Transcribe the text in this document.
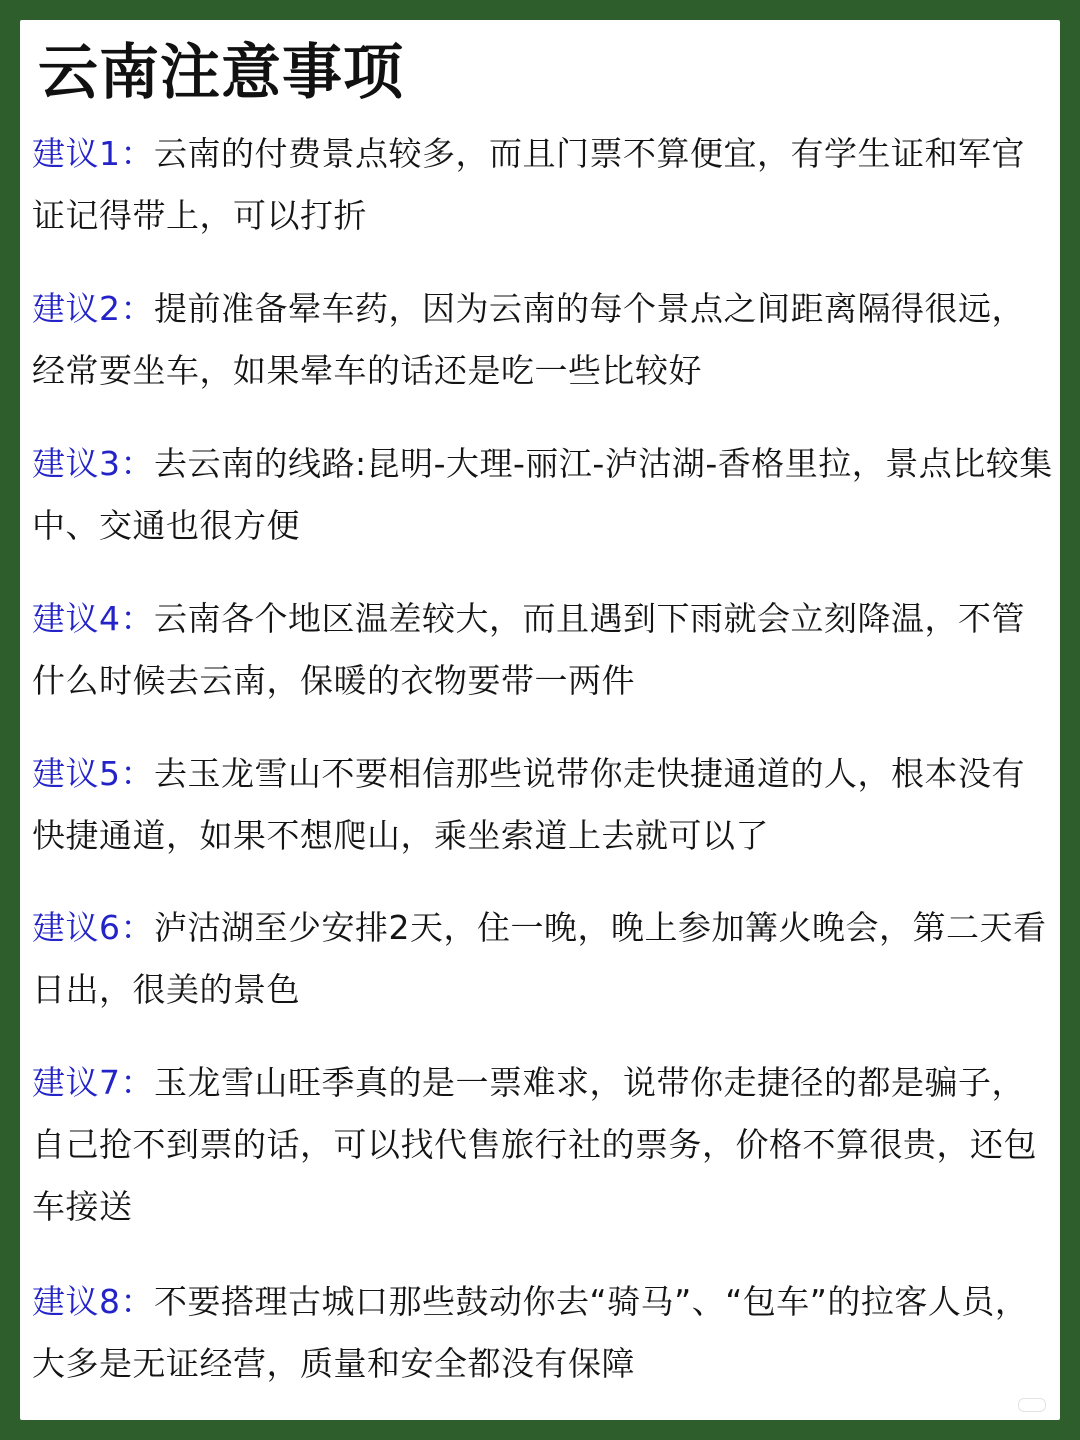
云南注意事项

建议1：云南的付费景点较多，而且门票不算便宜，有学生证和军官证记得带上，可以打折

建议2：提前准备晕车药，因为云南的每个景点之间距离隔得很远，经常要坐车，如果晕车的话还是吃一些比较好

建议3：去云南的线路:昆明-大理-丽江-泸沽湖-香格里拉，景点比较集中、交通也很方便

建议4：云南各个地区温差较大，而且遇到下雨就会立刻降温，不管什么时候去云南，保暖的衣物要带一两件

建议5：去玉龙雪山不要相信那些说带你走快捷通道的人，根本没有快捷通道，如果不想爬山，乘坐索道上去就可以了

建议6：泸沽湖至少安排2天，住一晚，晚上参加篝火晚会，第二天看日出，很美的景色

建议7：玉龙雪山旺季真的是一票难求，说带你走捷径的都是骗子，自己抢不到票的话，可以找代售旅行社的票务，价格不算很贵，还包车接送

建议8：不要搭理古城口那些鼓动你去“骑马”、“包车”的拉客人员，大多是无证经营，质量和安全都没有保障
